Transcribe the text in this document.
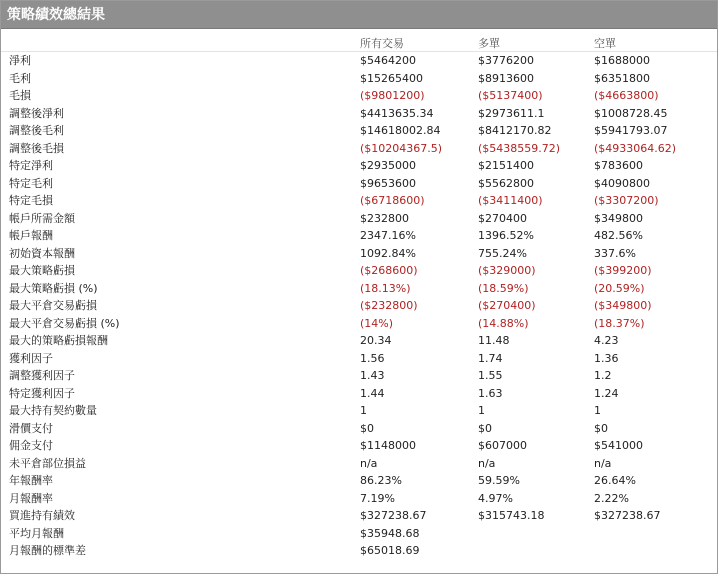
策略績效總結果
所有交易	多單	空單
淨利	$5464200	$3776200	$1688000
毛利	$15265400	$8913600	$6351800
毛損	($9801200)	($5137400)	($4663800)
調整後淨利	$4413635.34	$2973611.1	$1008728.45
調整後毛利	$14618002.84	$8412170.82	$5941793.07
調整後毛損	($10204367.5)	($5438559.72)	($4933064.62)
特定淨利	$2935000	$2151400	$783600
特定毛利	$9653600	$5562800	$4090800
特定毛損	($6718600)	($3411400)	($3307200)
帳戶所需金額	$232800	$270400	$349800
帳戶報酬	2347.16%	1396.52%	482.56%
初始資本報酬	1092.84%	755.24%	337.6%
最大策略虧損	($268600)	($329000)	($399200)
最大策略虧損 (%)	(18.13%)	(18.59%)	(20.59%)
最大平倉交易虧損	($232800)	($270400)	($349800)
最大平倉交易虧損 (%)	(14%)	(14.88%)	(18.37%)
最大的策略虧損報酬	20.34	11.48	4.23
獲利因子	1.56	1.74	1.36
調整獲利因子	1.43	1.55	1.2
特定獲利因子	1.44	1.63	1.24
最大持有契約數量	1	1	1
滑價支付	$0	$0	$0
佣金支付	$1148000	$607000	$541000
未平倉部位損益	n/a	n/a	n/a
年報酬率	86.23%	59.59%	26.64%
月報酬率	7.19%	4.97%	2.22%
買進持有績效	$327238.67	$315743.18	$327238.67
平均月報酬	$35948.68
月報酬的標準差	$65018.69
